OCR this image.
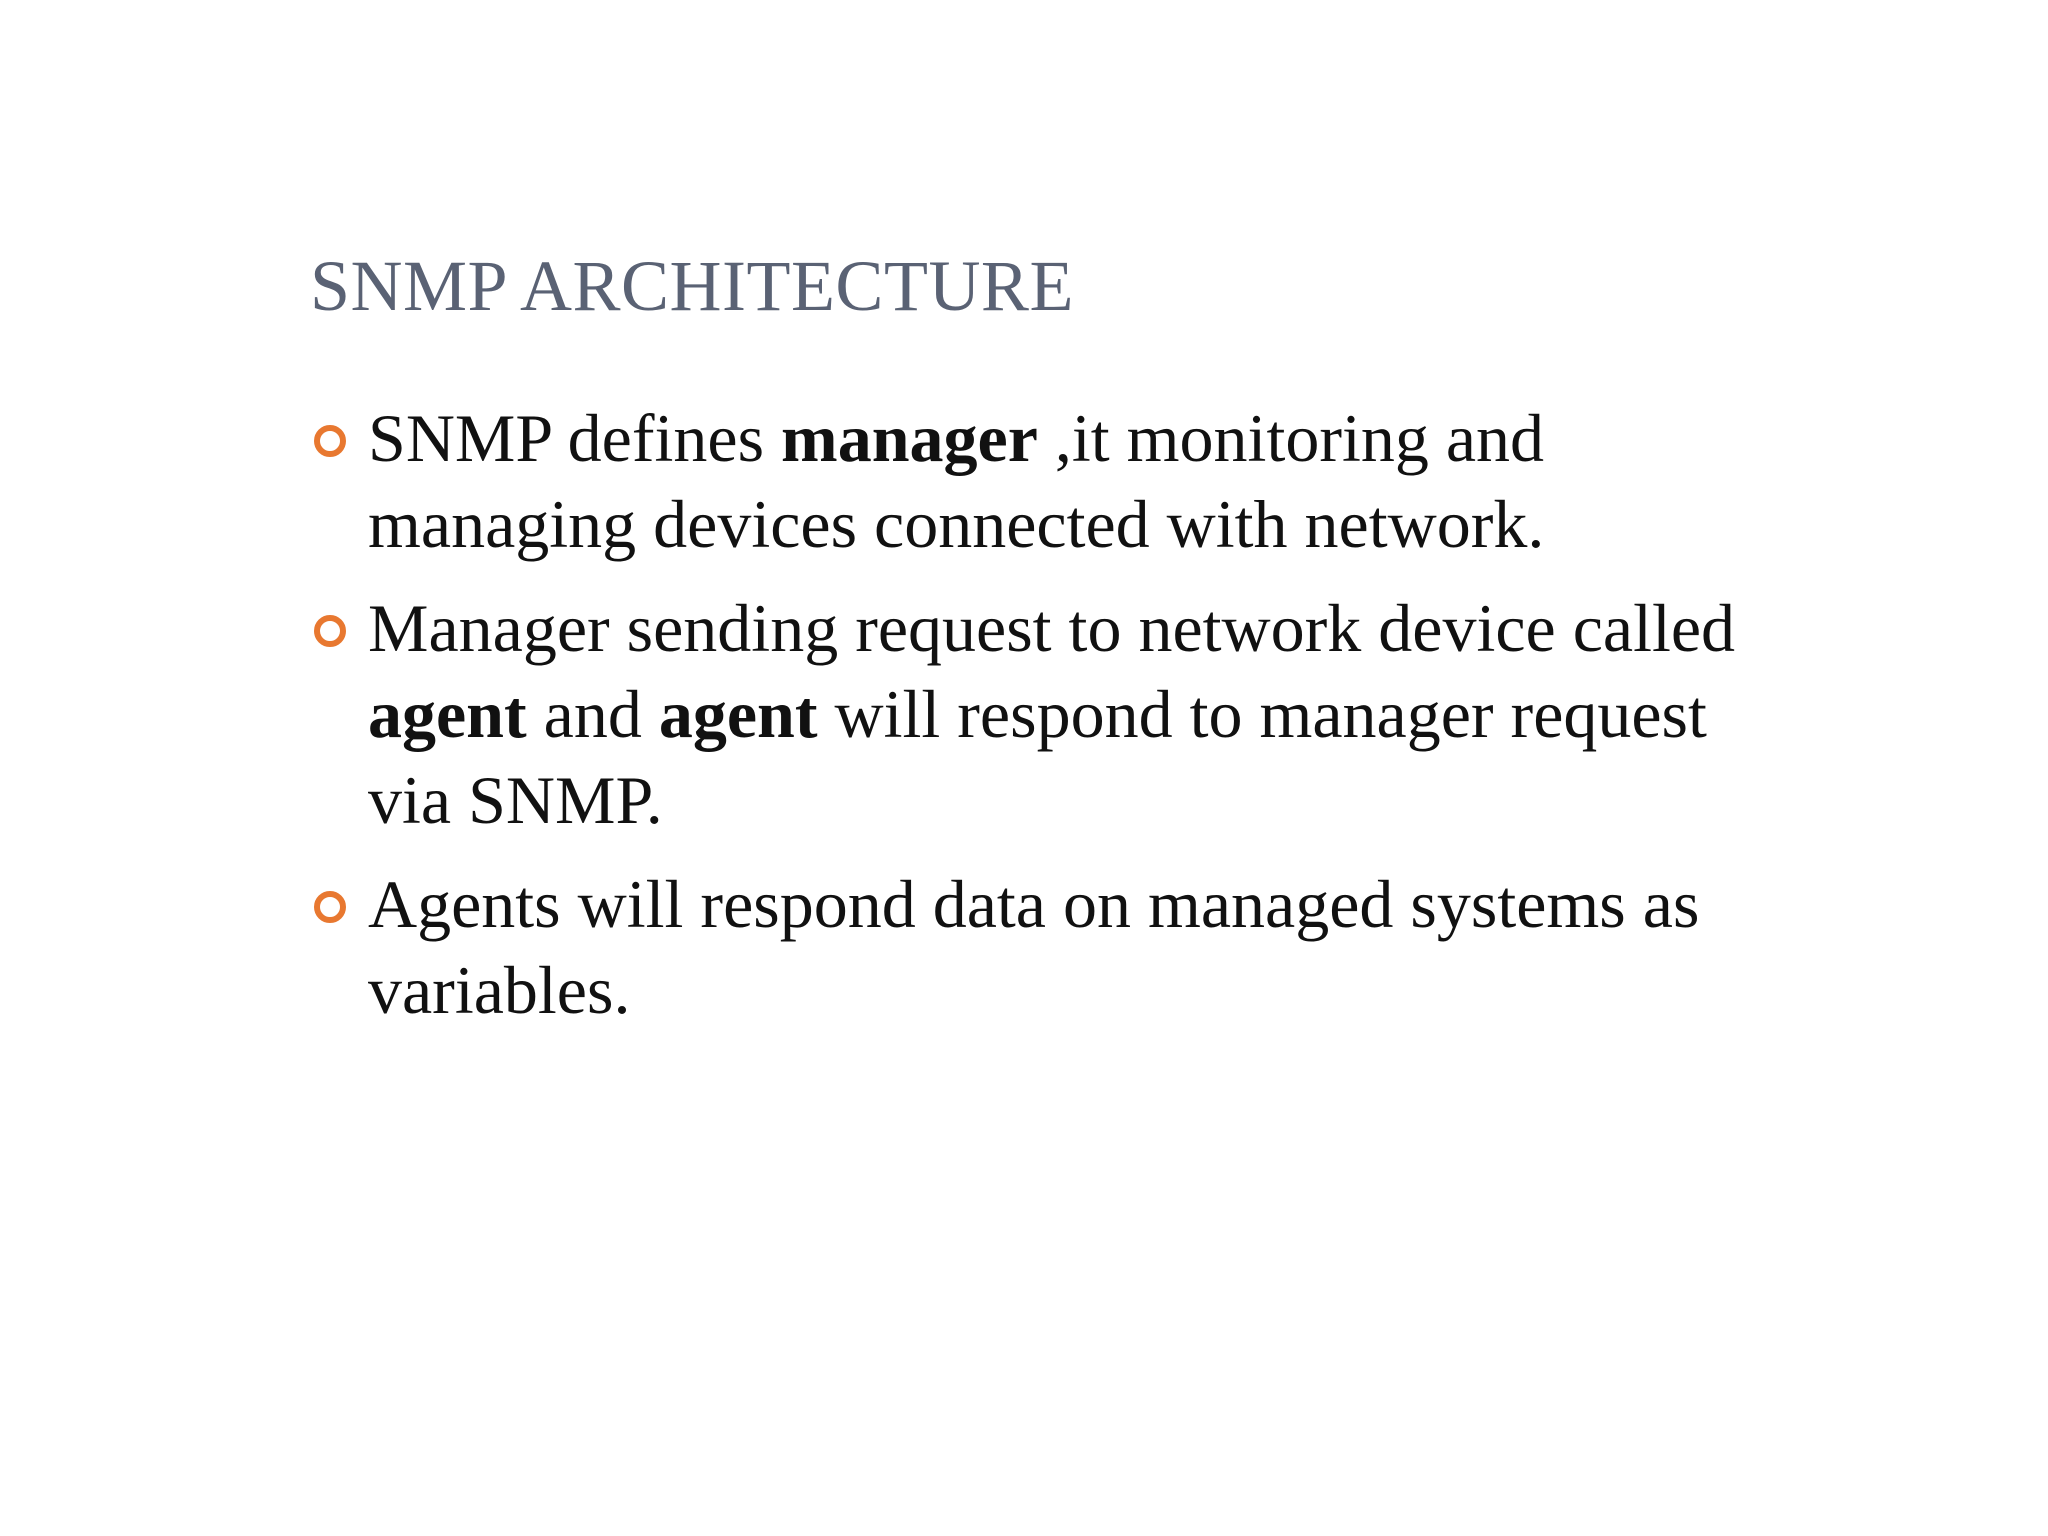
SNMP ARCHITECTURE
SNMP defines manager ,it monitoring and managing devices connected with network.
Manager sending request to network device called agent and agent will respond to manager request via SNMP.
Agents will respond data on managed systems as variables.
